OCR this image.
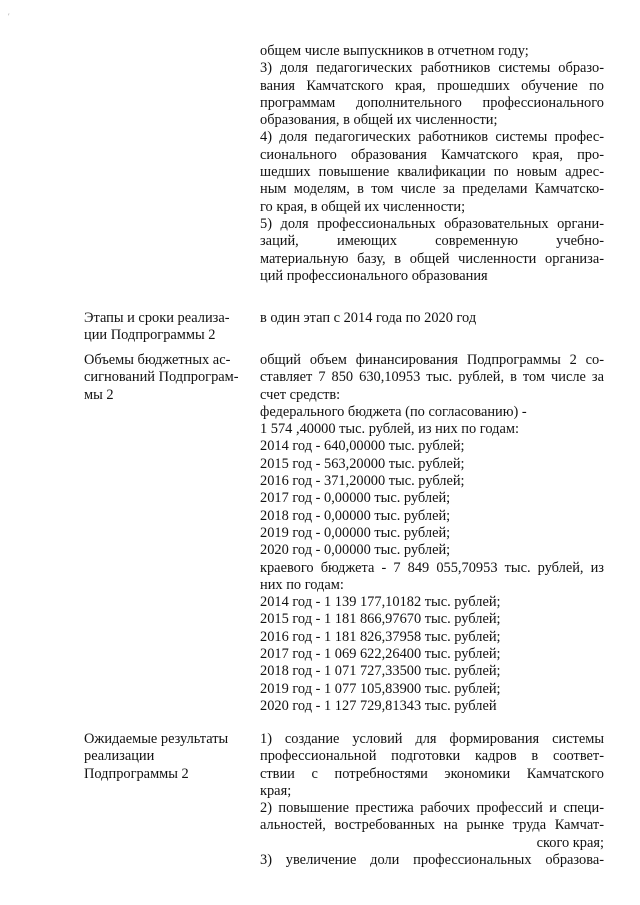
ʹ
общем числе выпускников в отчетном году;
3) доля педагогических работников системы образо-
вания Камчатского края, прошедших обучение по
программам дополнительного профессионального
образования, в общей их численности;
4) доля педагогических работников системы профес-
сионального образования Камчатского края, про-
шедших повышение квалификации по новым адрес-
ным моделям, в том числе за пределами Камчатско-
го края, в общей их численности;
5) доля профессиональных образовательных органи-
заций, имеющих современную учебно-
материальную базу, в общей численности организа-
ций профессионального образования
Этапы и сроки реализа-
ции Подпрограммы 2
в один этап с 2014 года по 2020 год
Объемы бюджетных ас-
сигнований Подпрограм-
мы 2
общий объем финансирования Подпрограммы 2 со-
ставляет 7 850 630,10953 тыс. рублей, в том числе за
счет средств:
федерального бюджета (по согласованию) -
1 574 ,40000 тыс. рублей, из них по годам:
2014 год - 640,00000 тыс. рублей;
2015 год - 563,20000 тыс. рублей;
2016 год - 371,20000 тыс. рублей;
2017 год - 0,00000 тыс. рублей;
2018 год - 0,00000 тыс. рублей;
2019 год - 0,00000 тыс. рублей;
2020 год - 0,00000 тыс. рублей;
краевого бюджета - 7 849 055,70953 тыс. рублей, из
них по годам:
2014 год - 1 139 177,10182 тыс. рублей;
2015 год - 1 181 866,97670 тыс. рублей;
2016 год - 1 181 826,37958 тыс. рублей;
2017 год - 1 069 622,26400 тыс. рублей;
2018 год - 1 071 727,33500 тыс. рублей;
2019 год - 1 077 105,83900 тыс. рублей;
2020 год - 1 127 729,81343 тыс. рублей
Ожидаемые результаты
реализации
Подпрограммы 2
1) создание условий для формирования системы
профессиональной подготовки кадров в соответ-
ствии с потребностями экономики Камчатского
края;
2) повышение престижа рабочих профессий и специ-
альностей, востребованных на рынке труда Камчат-
ского края;
3) увеличение доли профессиональных образова-
